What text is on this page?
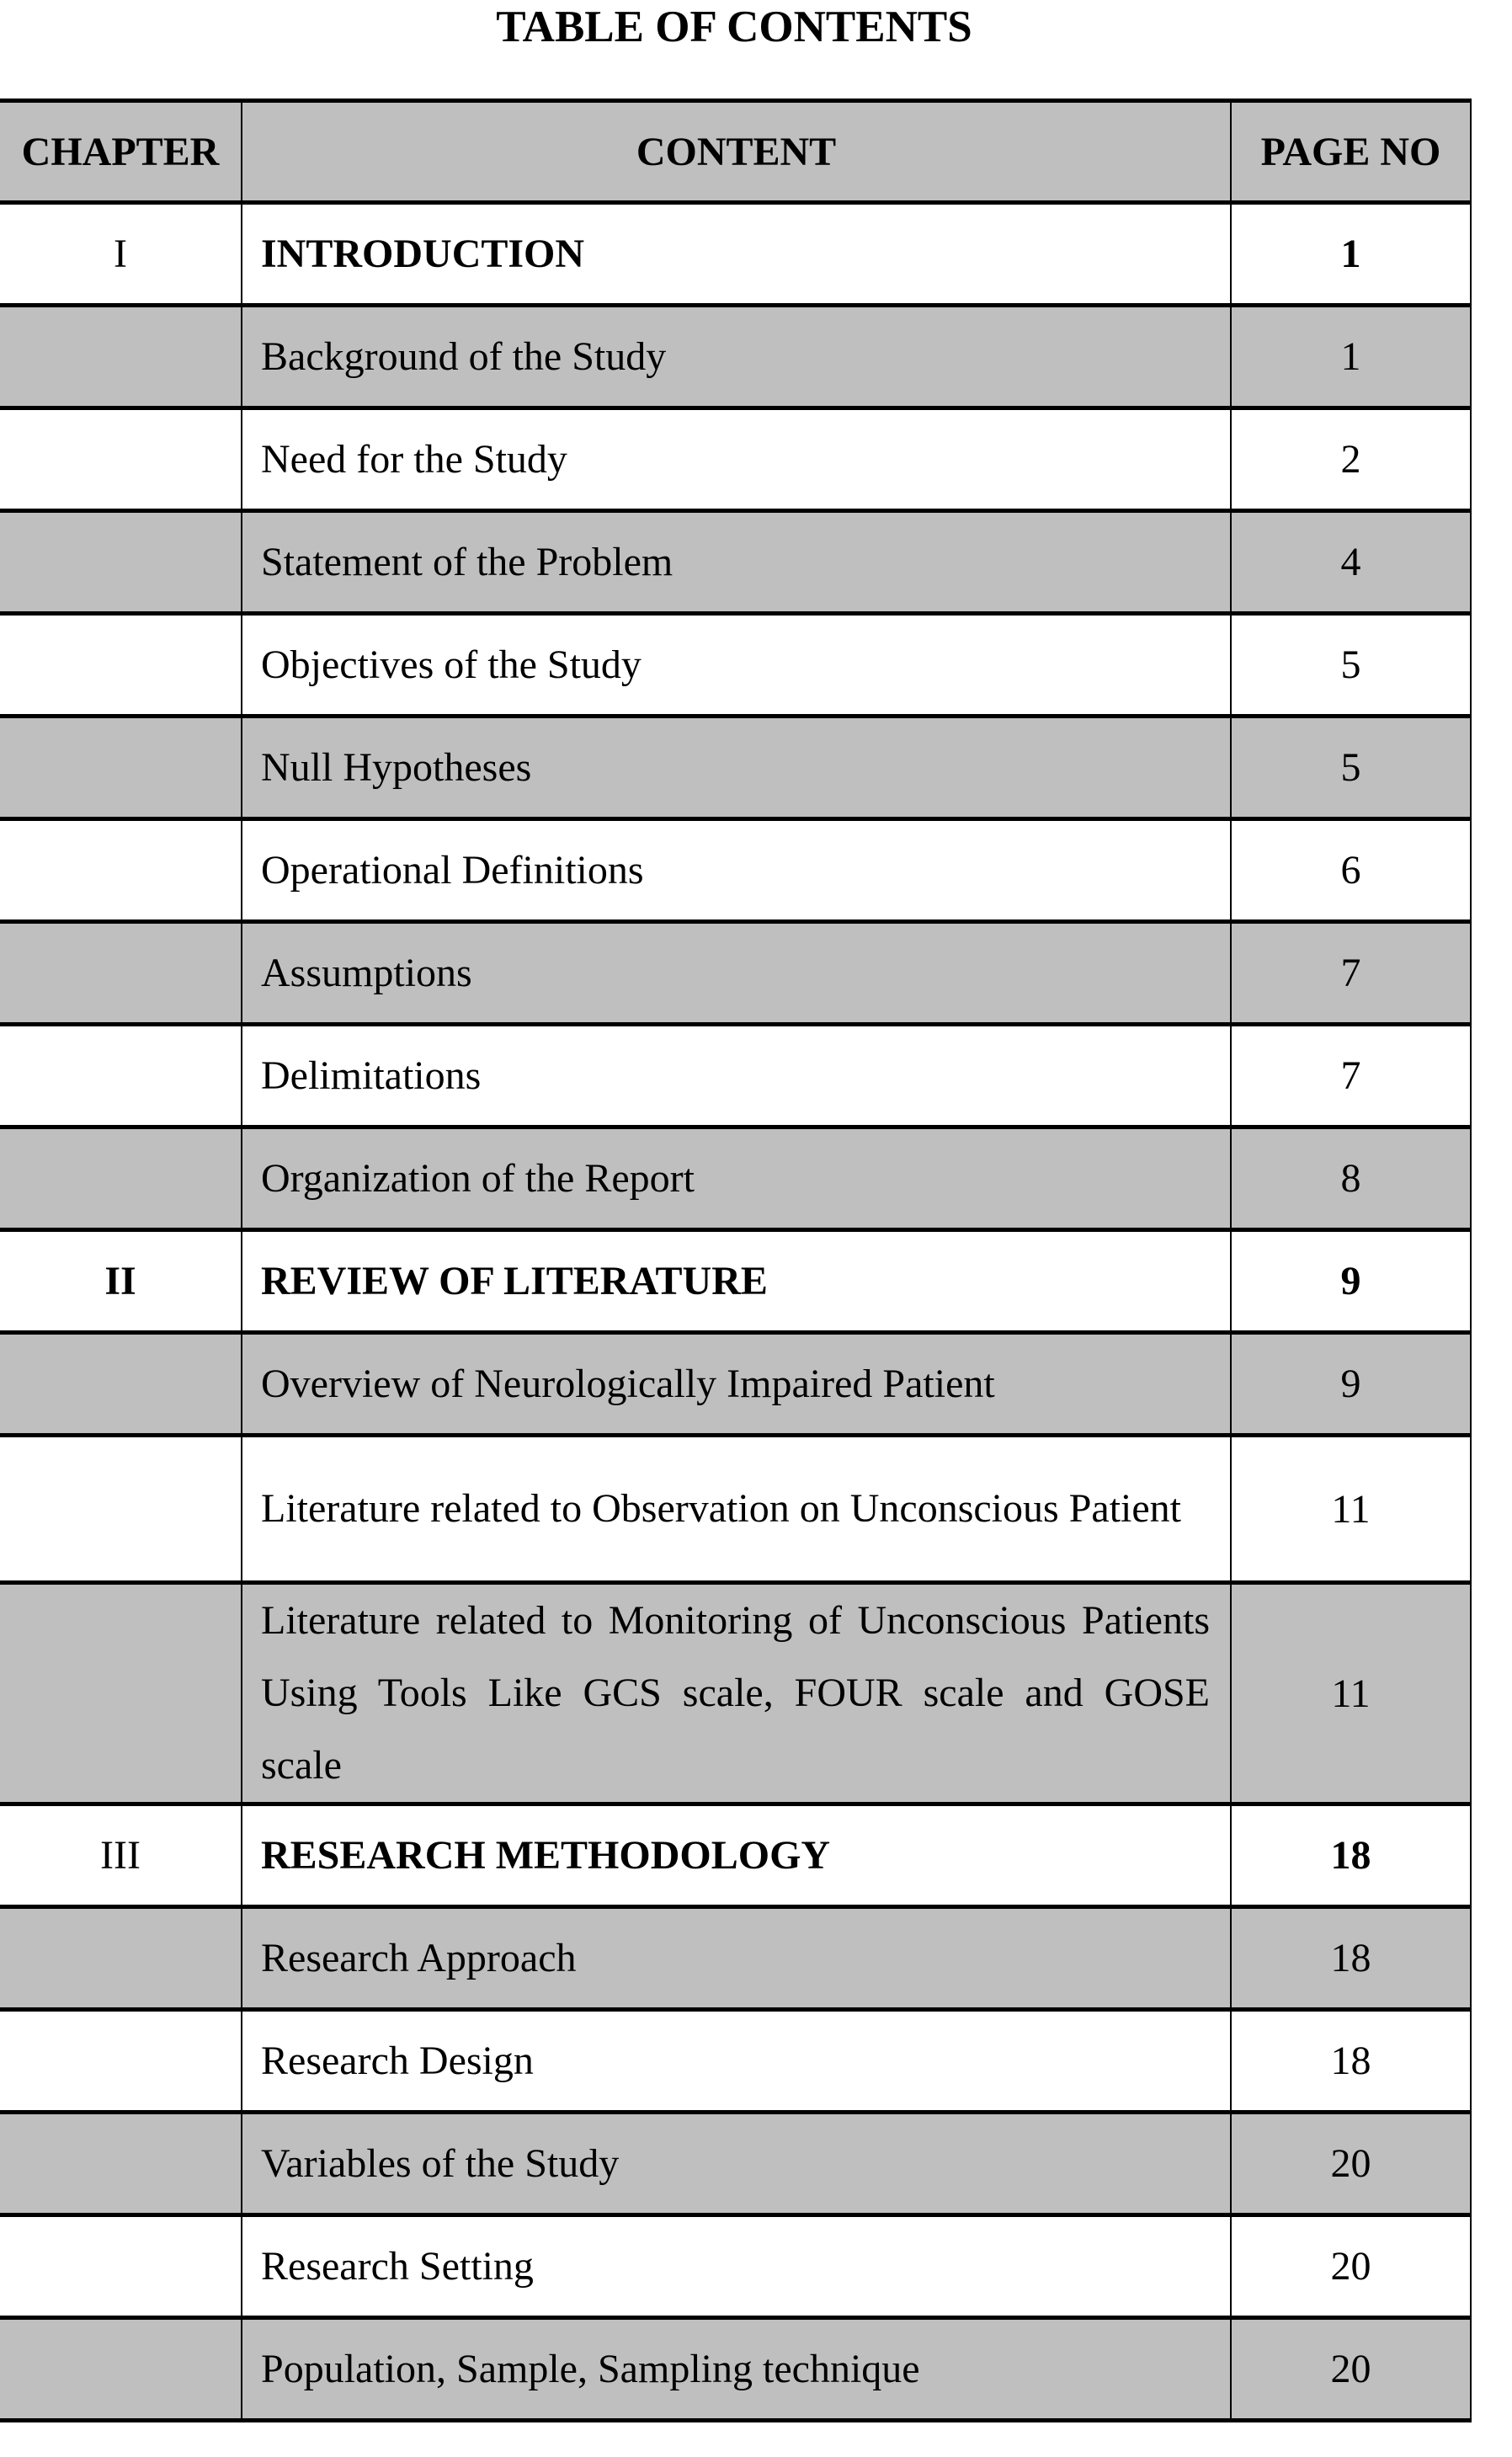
TABLE OF CONTENTS
CHAPTER	CONTENT	PAGE NO
I	INTRODUCTION	1
	Background of the Study	1
	Need for the Study	2
	Statement of the Problem	4
	Objectives of the Study	5
	Null Hypotheses	5
	Operational Definitions	6
	Assumptions	7
	Delimitations	7
	Organization of the Report	8
II	REVIEW OF LITERATURE	9
	Overview of Neurologically Impaired Patient	9
	Literature related to Observation on Unconscious Patient	11
	Literature related to Monitoring of Unconscious Patients Using Tools Like GCS scale, FOUR scale and GOSE scale	11
III	RESEARCH METHODOLOGY	18
	Research Approach	18
	Research Design	18
	Variables of the Study	20
	Research Setting	20
	Population, Sample, Sampling technique	20
